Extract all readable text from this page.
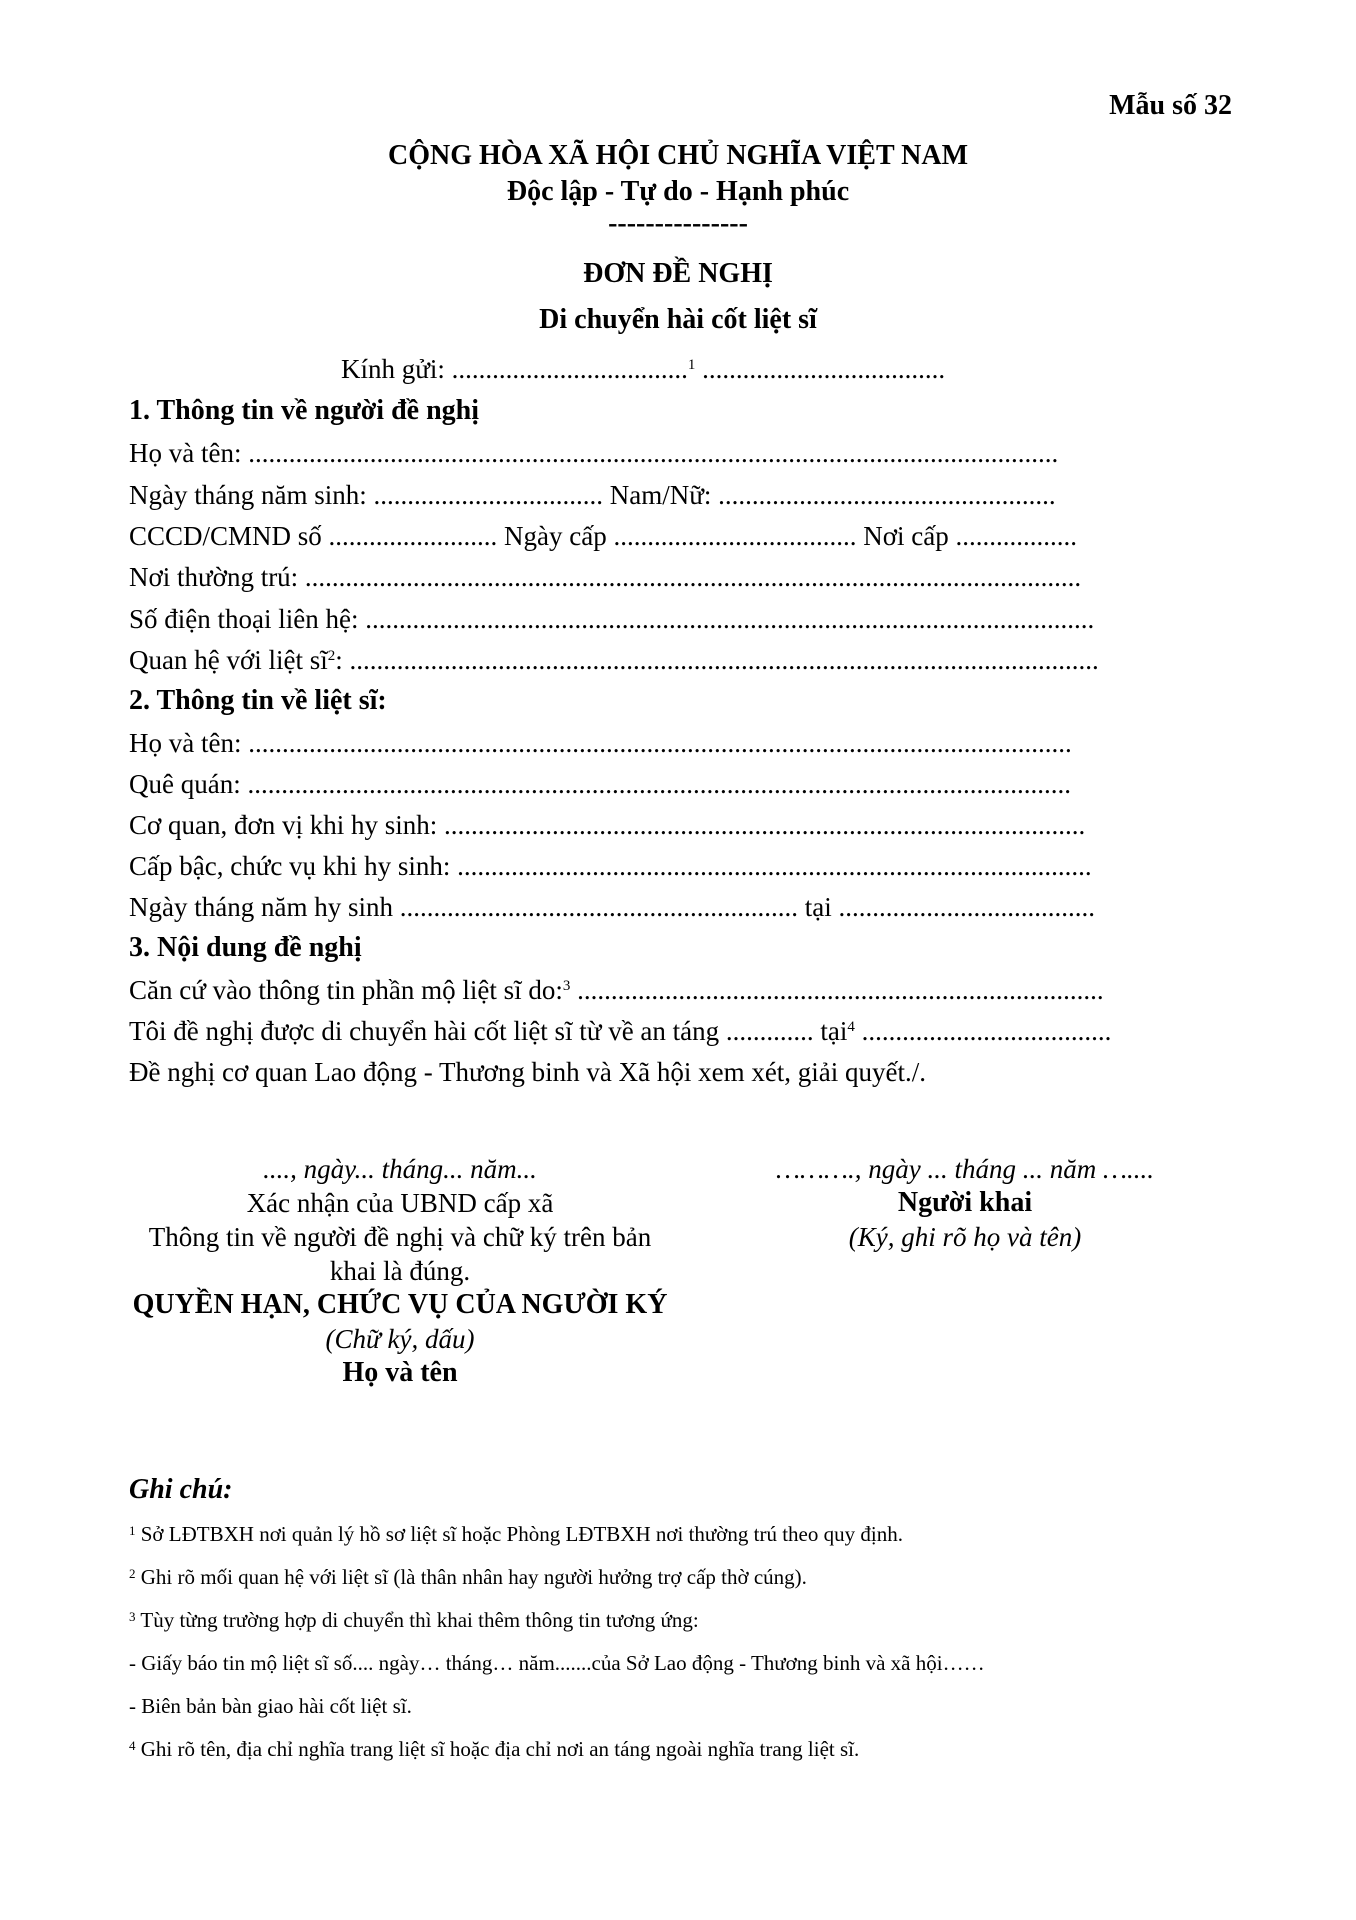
Mẫu số 32
CỘNG HÒA XÃ HỘI CHỦ NGHĨA VIỆT NAM
Độc lập - Tự do - Hạnh phúc
---------------
ĐƠN ĐỀ NGHỊ
Di chuyển hài cốt liệt sĩ
Kính gửi: ...................................$^1$ ....................................
1. Thông tin về người đề nghị
Họ và tên: ........................................................................................................................
Ngày tháng năm sinh: .................................. Nam/Nữ: ..................................................
CCCD/CMND số ......................... Ngày cấp .................................... Nơi cấp ..................
Nơi thường trú: ...................................................................................................................
Số điện thoại liên hệ: ............................................................................................................
Quan hệ với liệt $sĩ^2$: ...............................................................................................................
2. Thông tin về liệt sĩ:
Họ và tên: ..........................................................................................................................
Quê quán: ..........................................................................................................................
Cơ quan, đơn vị khi hy sinh: ...............................................................................................
Cấp bậc, chức vụ khi hy sinh: ..............................................................................................
Ngày tháng năm hy sinh ........................................................... tại ......................................
3. Nội dung đề nghị
Căn cứ vào thông tin phần mộ liệt sĩ do:$^3$ ..............................................................................
Tôi đề nghị được di chuyển hài cốt liệt sĩ từ về an táng ............. tại$^4$ .....................................
Đề nghị cơ quan Lao động - Thương binh và Xã hội xem xét, giải quyết./.
...., ngày... tháng... năm...
Xác nhận của UBND cấp xã
Thông tin về người đề nghị và chữ ký trên bản khai là đúng.
QUYỀN HẠN, CHỨC VỤ CỦA NGƯỜI KÝ
(Chữ ký, dấu)
Họ và tên
………., ngày ... tháng ... năm …....
Người khai
(Ký, ghi rõ họ và tên)
Ghi chú:
$^1$ Sở LĐTBXH nơi quản lý hồ sơ liệt sĩ hoặc Phòng LĐTBXH nơi thường trú theo quy định.
$^2$ Ghi rõ mối quan hệ với liệt sĩ (là thân nhân hay người hưởng trợ cấp thờ cúng).
$^3$ Tùy từng trường hợp di chuyển thì khai thêm thông tin tương ứng:
- Giấy báo tin mộ liệt sĩ số.... ngày… tháng… năm.......của Sở Lao động - Thương binh và xã hội……
- Biên bản bàn giao hài cốt liệt sĩ.
$^4$ Ghi rõ tên, địa chỉ nghĩa trang liệt sĩ hoặc địa chỉ nơi an táng ngoài nghĩa trang liệt sĩ.
